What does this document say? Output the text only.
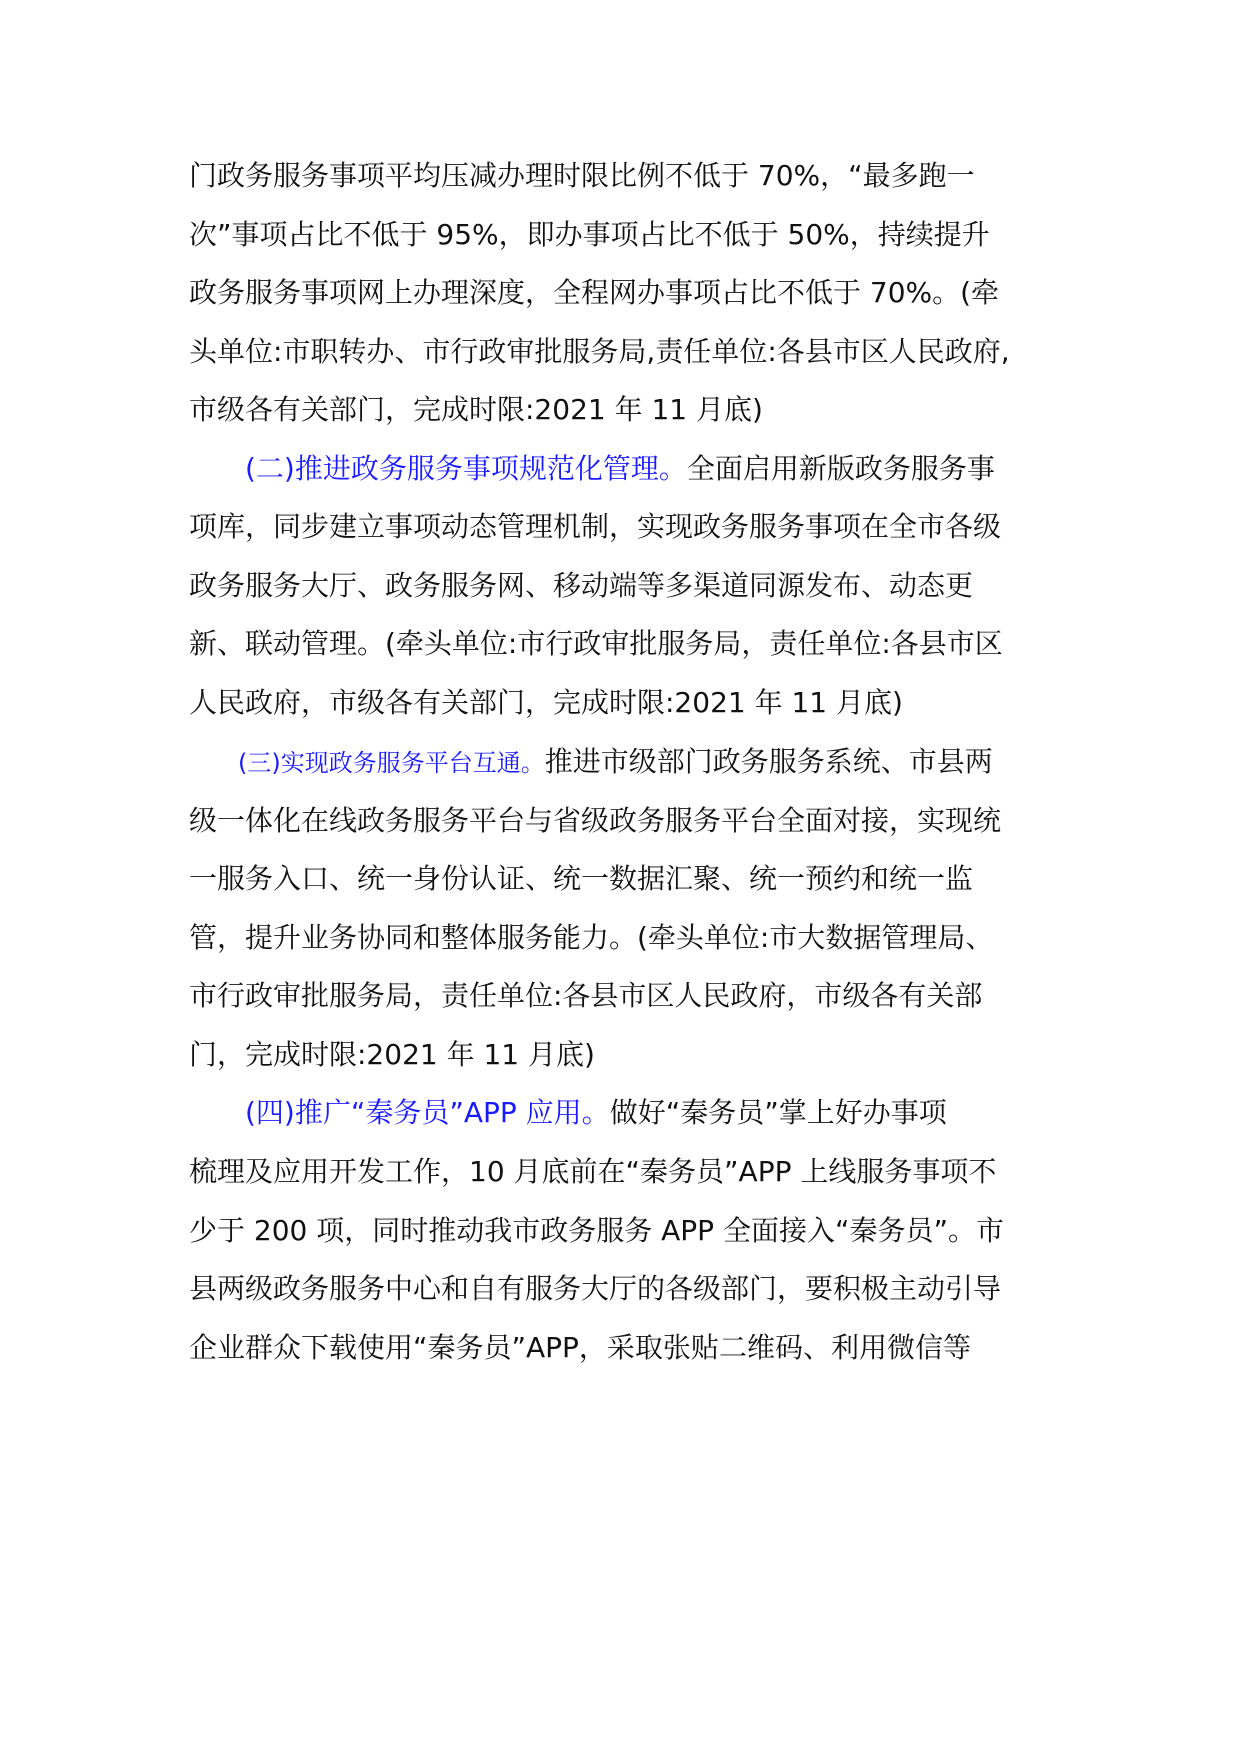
门政务服务事项平均压减办理时限比例不低于 70%，“最多跑一
次”事项占比不低于 95%，即办事项占比不低于 50%，持续提升
政务服务事项网上办理深度，全程网办事项占比不低于 70%。(牵
头单位:市职转办、市行政审批服务局,责任单位:各县市区人民政府,
市级各有关部门，完成时限:2021 年 11 月底)
(二)推进政务服务事项规范化管理。全面启用新版政务服务事
项库，同步建立事项动态管理机制，实现政务服务事项在全市各级
政务服务大厅、政务服务网、移动端等多渠道同源发布、动态更
新、联动管理。(牵头单位:市行政审批服务局，责任单位:各县市区
人民政府，市级各有关部门，完成时限:2021 年 11 月底)
(三)实现政务服务平台互通。推进市级部门政务服务系统、市县两
级一体化在线政务服务平台与省级政务服务平台全面对接，实现统
一服务入口、统一身份认证、统一数据汇聚、统一预约和统一监
管，提升业务协同和整体服务能力。(牵头单位:市大数据管理局、
市行政审批服务局，责任单位:各县市区人民政府，市级各有关部
门，完成时限:2021 年 11 月底)
(四)推广“秦务员”APP 应用。做好“秦务员”掌上好办事项
梳理及应用开发工作，10 月底前在“秦务员”APP 上线服务事项不
少于 200 项，同时推动我市政务服务 APP 全面接入“秦务员”。市
县两级政务服务中心和自有服务大厅的各级部门，要积极主动引导
企业群众下载使用“秦务员”APP，采取张贴二维码、利用微信等
